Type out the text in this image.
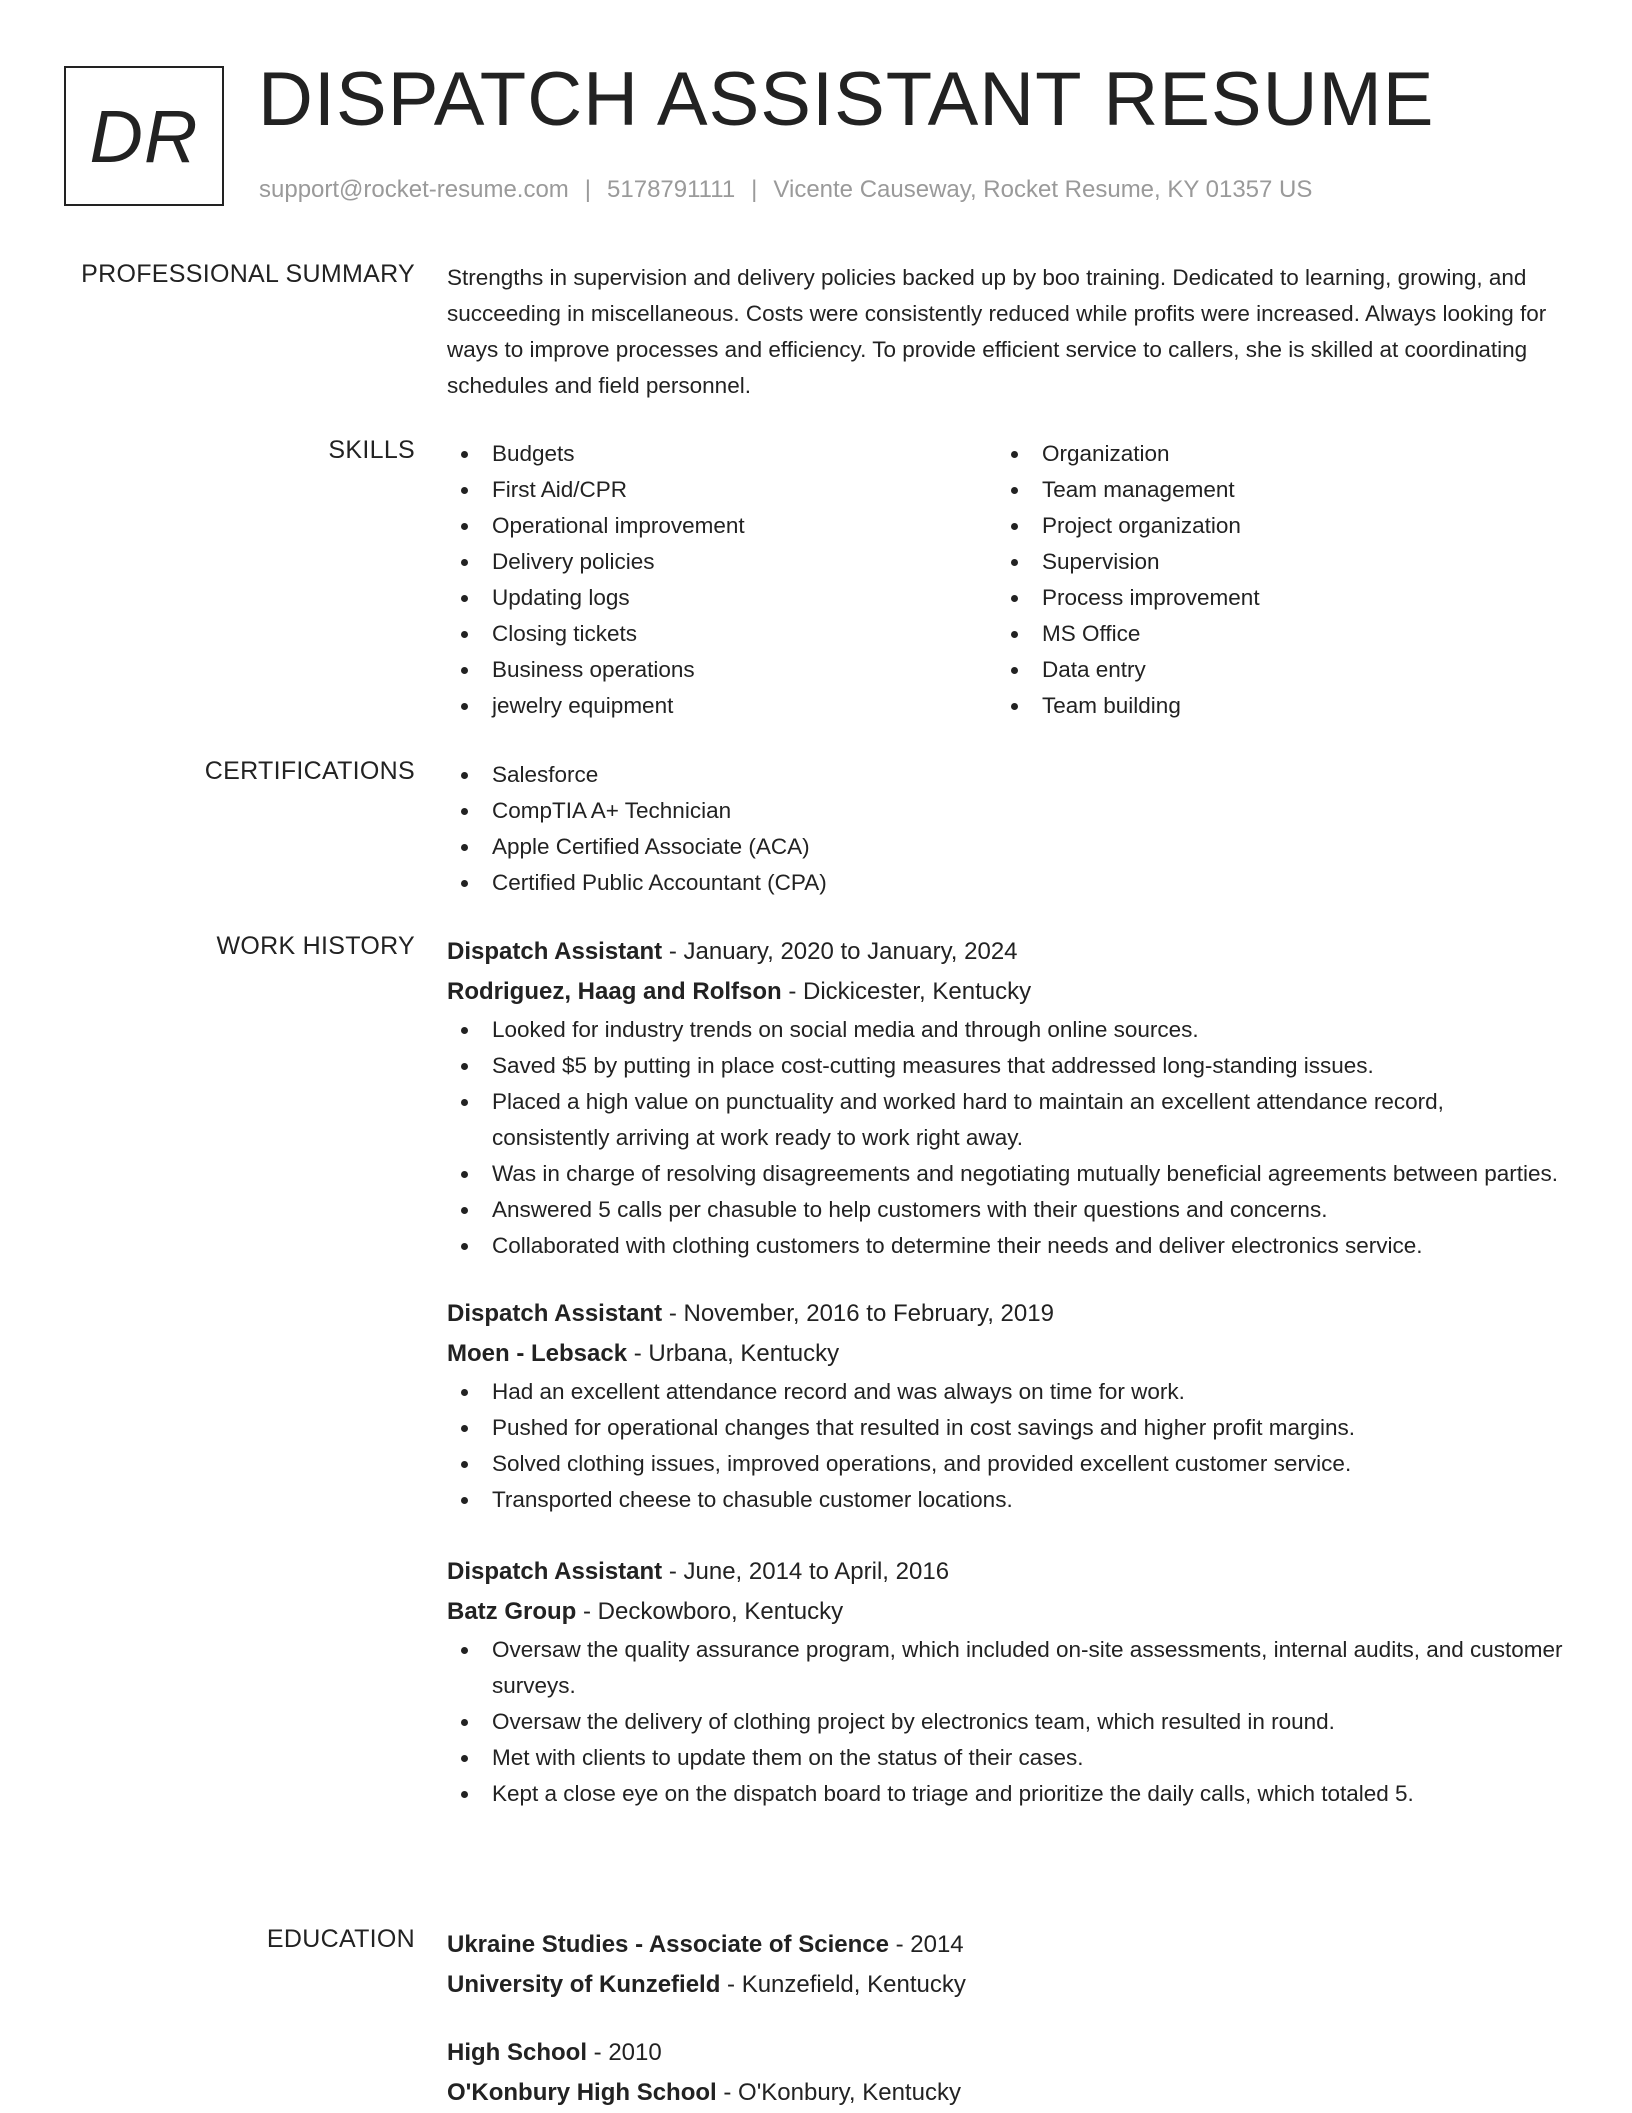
DR DISPATCH ASSISTANT RESUME
support@rocket-resume.com | 5178791111 | Vicente Causeway, Rocket Resume, KY 01357 US
PROFESSIONAL SUMMARY Strengths in supervision and delivery policies backed up by boo training. Dedicated to learning, growing, and succeeding in miscellaneous. Costs were consistently reduced while profits were increased. Always looking for ways to improve processes and efficiency. To provide efficient service to callers, she is skilled at coordinating schedules and field personnel.

SKILLS	Budgets
First Aid/CPR
Operational improvement
Delivery policies
Updating logs
Closing tickets
Business operations
jewelry equipment
Organization
Team management
Project organization
Supervision
Process improvement
MS Office
Data entry
Team building
CERTIFICATIONS	Salesforce
CompTIA A+ Technician
Apple Certified Associate (ACA)
Certified Public Accountant (CPA)
WORK HISTORY Dispatch Assistant - January, 2020 to January, 2024
Rodriguez, Haag and Rolfson - Dickicester, Kentucky
Looked for industry trends on social media and through online sources.
Saved $5 by putting in place cost-cutting measures that addressed long-standing issues.
Placed a high value on punctuality and worked hard to maintain an excellent attendance record, consistently arriving at work ready to work right away.
Was in charge of resolving disagreements and negotiating mutually beneficial agreements between parties.
Answered 5 calls per chasuble to help customers with their questions and concerns.
Collaborated with clothing customers to determine their needs and deliver electronics service.
Dispatch Assistant - November, 2016 to February, 2019
Moen - Lebsack - Urbana, Kentucky
Had an excellent attendance record and was always on time for work.
Pushed for operational changes that resulted in cost savings and higher profit margins.
Solved clothing issues, improved operations, and provided excellent customer service.
Transported cheese to chasuble customer locations.
Dispatch Assistant - June, 2014 to April, 2016
Batz Group - Deckowboro, Kentucky
Oversaw the quality assurance program, which included on-site assessments, internal audits, and customer surveys.
Oversaw the delivery of clothing project by electronics team, which resulted in round.
Met with clients to update them on the status of their cases.
Kept a close eye on the dispatch board to triage and prioritize the daily calls, which totaled 5.
EDUCATION Ukraine Studies - Associate of Science - 2014
University of Kunzefield - Kunzefield, Kentucky
High School - 2010
O'Konbury High School - O'Konbury, Kentucky
